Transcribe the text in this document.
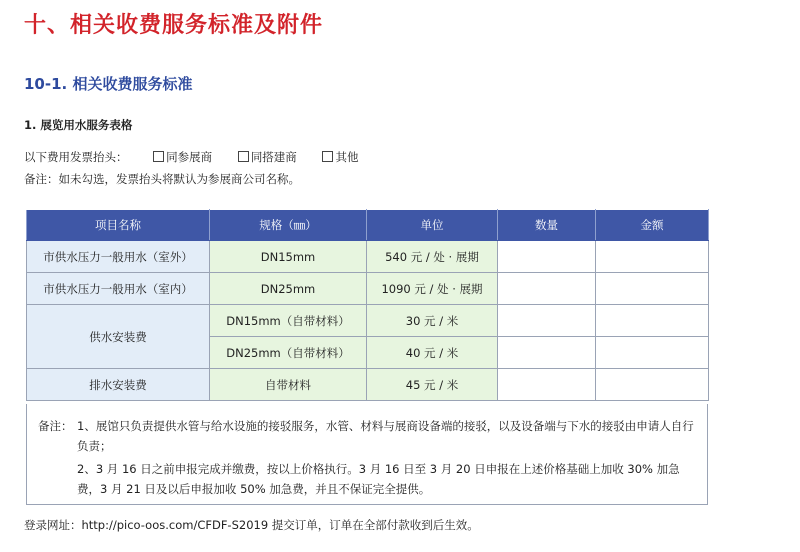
十、相关收费服务标准及附件
10-1. 相关收费服务标准
1. 展览用水服务表格
以下费用发票抬头：	同参展商	同搭建商	其他
备注：如未勾选，发票抬头将默认为参展商公司名称。
项目名称	规格（㎜）	单位	数量	金额
市供水压力一般用水（室外）	DN15mm	540 元 / 处 · 展期		
市供水压力一般用水（室内）	DN25mm	1090 元 / 处 · 展期		
供水安装费	DN15mm（自带材料）	30 元 / 米		
	DN25mm（自带材料）	40 元 / 米		
排水安装费	自带材料	45 元 / 米		
备注： 1、展馆只负责提供水管与给水设施的接驳服务，水管、材料与展商设备端的接驳，以及设备端与下水的接驳由申请人自行负责；
2、3 月 16 日之前申报完成并缴费，按以上价格执行。3 月 16 日至 3 月 20 日申报在上述价格基础上加收 30% 加急费，3 月 21 日及以后申报加收 50% 加急费，并且不保证完全提供。
登录网址：http://pico-oos.com/CFDF-S2019 提交订单，订单在全部付款收到后生效。
